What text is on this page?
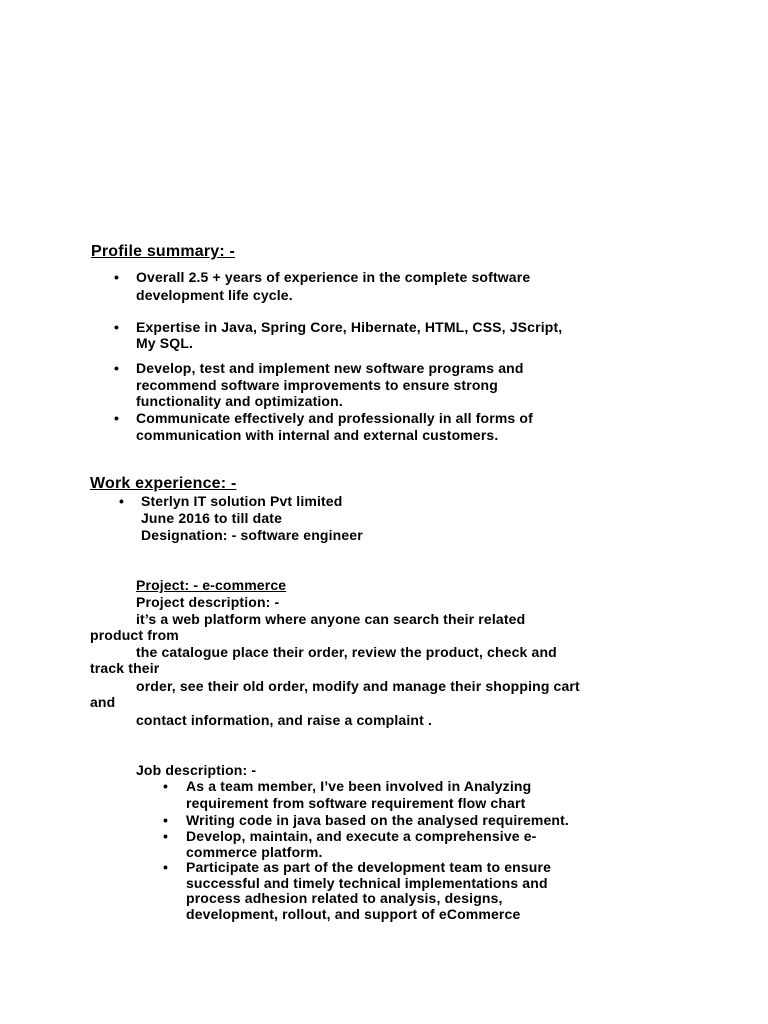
Profile summary: -
• Overall 2.5 + years of experience in the complete software
development life cycle.
• Expertise in Java, Spring Core, Hibernate, HTML, CSS, JScript,
My SQL.
• Develop, test and implement new software programs and
recommend software improvements to ensure strong
functionality and optimization.
• Communicate effectively and professionally in all forms of
communication with internal and external customers.
Work experience: -
• Sterlyn IT solution Pvt limited
June 2016 to till date
Designation: - software engineer
Project: - e-commerce
Project description: -
it’s a web platform where anyone can search their related
product from
the catalogue place their order, review the product, check and
track their
order, see their old order, modify and manage their shopping cart
and
contact information, and raise a complaint .
Job description: -
• As a team member, I’ve been involved in Analyzing
requirement from software requirement flow chart
• Writing code in java based on the analysed requirement.
• Develop, maintain, and execute a comprehensive e-
commerce platform.
• Participate as part of the development team to ensure
successful and timely technical implementations and
process adhesion related to analysis, designs,
development, rollout, and support of eCommerce
